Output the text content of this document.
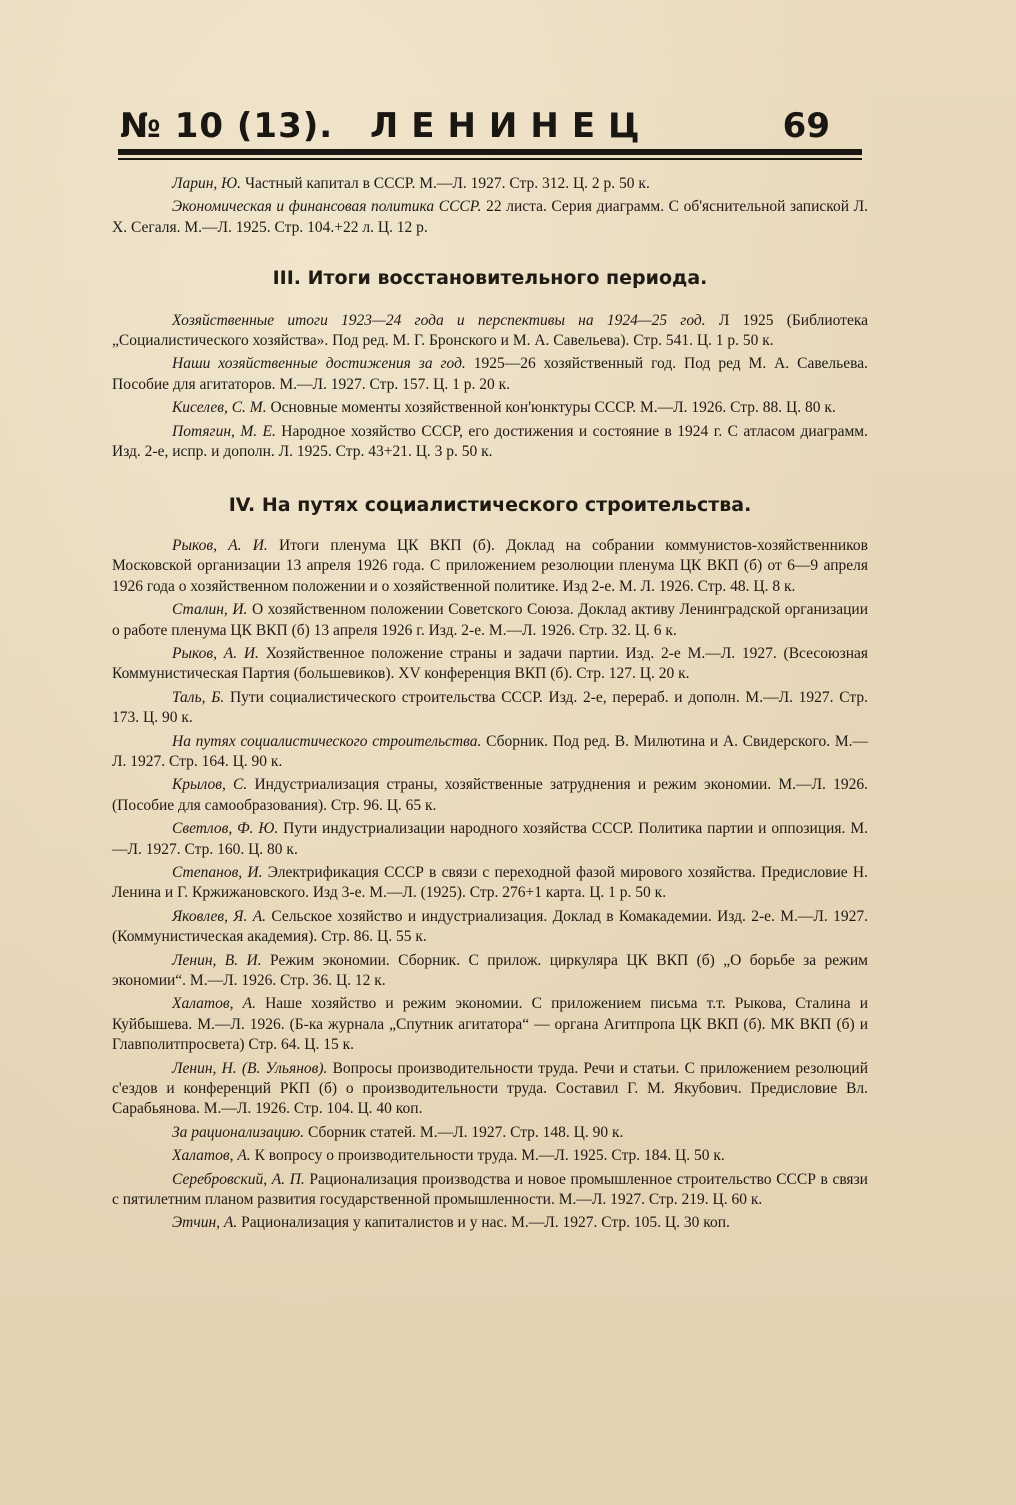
№ 10 (13). ЛЕНИНЕЦ	69

Ларин, Ю. Частный капитал в СССР. М.—Л. 1927. Стр. 312. Ц. 2 р. 50 к.

Экономическая и финансовая политика СССР. 22 листа. Серия диаграмм. С об'яснительной запиской Л. Х. Сегаля. М.—Л. 1925. Стр. 104.+22 л. Ц. 12 р.

III. Итоги восстановительного периода.

Хозяйственные итоги 1923—24 года и перспективы на 1924—25 год. Л 1925 (Библиотека „Социалистического хозяйства». Под ред. М. Г. Бронского и М. А. Савельева). Стр. 541. Ц. 1 р. 50 к.

Наши хозяйственные достижения за год. 1925—26 хозяйственный год. Под ред М. А. Савельева. Пособие для агитаторов. М.—Л. 1927. Стр. 157. Ц. 1 р. 20 к.

Киселев, С. М. Основные моменты хозяйственной кон'юнктуры СССР. М.—Л. 1926. Стр. 88. Ц. 80 к.

Потягин, М. Е. Народное хозяйство СССР, его достижения и состояние в 1924 г. С атласом диаграмм. Изд. 2-е, испр. и дополн. Л. 1925. Стр. 43+21. Ц. 3 р. 50 к.

IV. На путях социалистического строительства.

Рыков, А. И. Итоги пленума ЦК ВКП (б). Доклад на собрании коммунистов-хозяйственников Московской организации 13 апреля 1926 года. С приложением резолюции пленума ЦК ВКП (б) от 6—9 апреля 1926 года о хозяйственном положении и о хозяйственной политике. Изд 2-е. М. Л. 1926. Стр. 48. Ц. 8 к.

Сталин, И. О хозяйственном положении Советского Союза. Доклад активу Ленинградской организации о работе пленума ЦК ВКП (б) 13 апреля 1926 г. Изд. 2-е. М.—Л. 1926. Стр. 32. Ц. 6 к.

Рыков, А. И. Хозяйственное положение страны и задачи партии. Изд. 2-е М.—Л. 1927. (Всесоюзная Коммунистическая Партия (большевиков). XV конференция ВКП (б). Стр. 127. Ц. 20 к.

Таль, Б. Пути социалистического строительства СССР. Изд. 2-е, перераб. и дополн. М.—Л. 1927. Стр. 173. Ц. 90 к.

На путях социалистического строительства. Сборник. Под ред. В. Милютина и А. Свидерского. М.—Л. 1927. Стр. 164. Ц. 90 к.

Крылов, С. Индустриализация страны, хозяйственные затруднения и режим экономии. М.—Л. 1926. (Пособие для самообразования). Стр. 96. Ц. 65 к.

Светлов, Ф. Ю. Пути индустриализации народного хозяйства СССР. Политика партии и оппозиция. М.—Л. 1927. Стр. 160. Ц. 80 к.

Степанов, И. Электрификация СССР в связи с переходной фазой мирового хозяйства. Предисловие Н. Ленина и Г. Кржижановского. Изд 3-е. М.—Л. (1925). Стр. 276+1 карта. Ц. 1 р. 50 к.

Яковлев, Я. А. Сельское хозяйство и индустриализация. Доклад в Комакадемии. Изд. 2-е. М.—Л. 1927. (Коммунистическая академия). Стр. 86. Ц. 55 к.

Ленин, В. И. Режим экономии. Сборник. С прилож. циркуляра ЦК ВКП (б) „О борьбе за режим экономии“. М.—Л. 1926. Стр. 36. Ц. 12 к.

Халатов, А. Наше хозяйство и режим экономии. С приложением письма т.т. Рыкова, Сталина и Куйбышева. М.—Л. 1926. (Б-ка журнала „Спутник агитатора“ — органа Агитпропа ЦК ВКП (б). МК ВКП (б) и Главполитпросвета) Стр. 64. Ц. 15 к.

Ленин, Н. (В. Ульянов). Вопросы производительности труда. Речи и статьи. С приложением резолюций с'ездов и конференций РКП (б) о производительности труда. Составил Г. М. Якубович. Предисловие Вл. Сарабьянова. М.—Л. 1926. Стр. 104. Ц. 40 коп.

За рационализацию. Сборник статей. М.—Л. 1927. Стр. 148. Ц. 90 к.

Халатов, А. К вопросу о производительности труда. М.—Л. 1925. Стр. 184. Ц. 50 к.

Серебровский, А. П. Рационализация производства и новое промышленное строительство СССР в связи с пятилетним планом развития государственной промышленности. М.—Л. 1927. Стр. 219. Ц. 60 к.

Этчин, А. Рационализация у капиталистов и у нас. М.—Л. 1927. Стр. 105. Ц. 30 коп.
